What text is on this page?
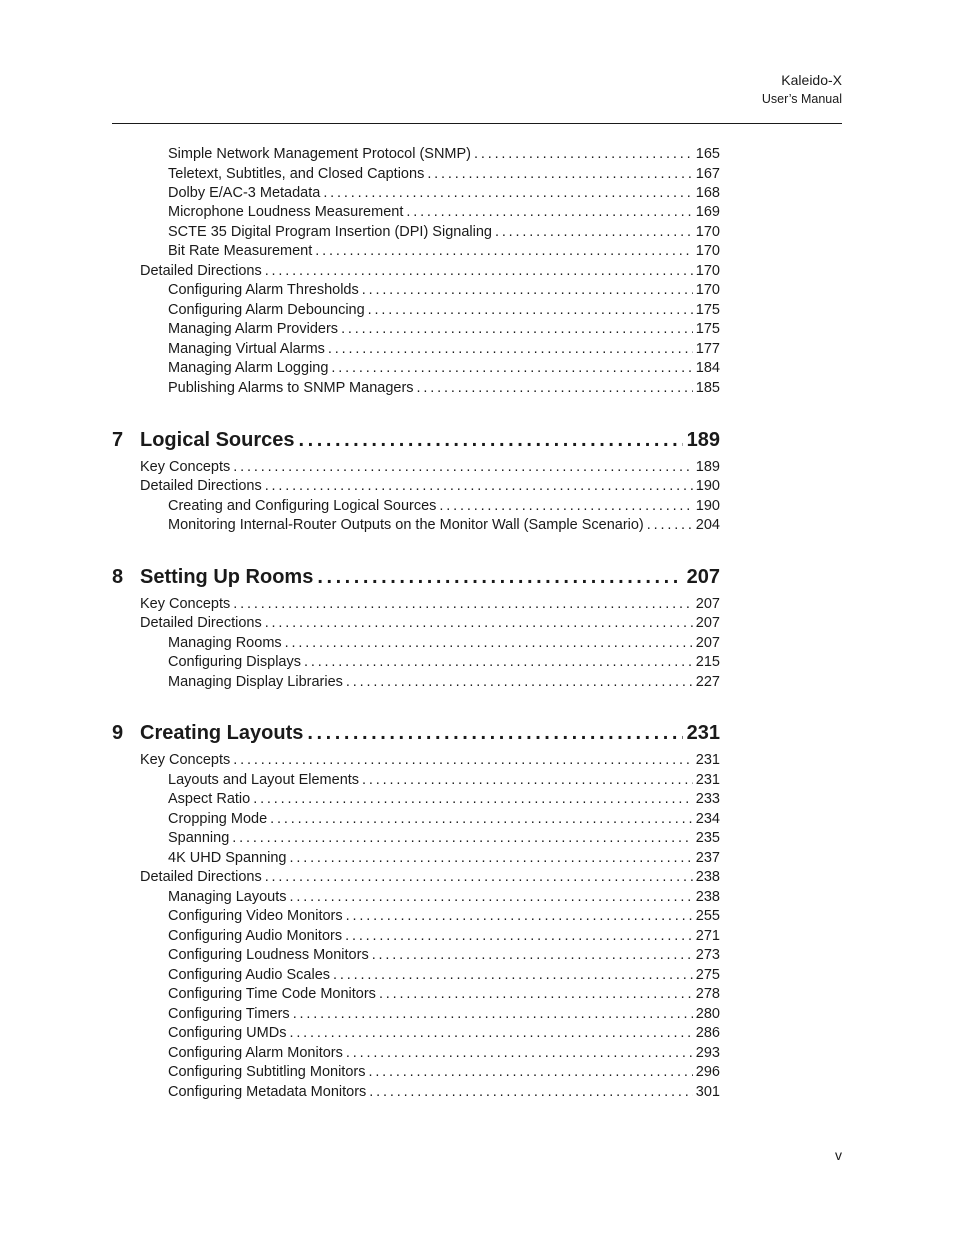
Kaleido-X
User’s Manual
Simple Network Management Protocol (SNMP) . . .	165
Teletext, Subtitles, and Closed Captions . . .	167
Dolby E/AC-3 Metadata . . .	168
Microphone Loudness Measurement . . .	169
SCTE 35 Digital Program Insertion (DPI) Signaling . . .	170
Bit Rate Measurement . . .	170
Detailed Directions . . .	170
Configuring Alarm Thresholds . . .	170
Configuring Alarm Debouncing . . .	175
Managing Alarm Providers . . .	175
Managing Virtual Alarms . . .	177
Managing Alarm Logging . . .	184
Publishing Alarms to SNMP Managers . . .	185
7 Logical Sources . . .	189
Key Concepts . . .	189
Detailed Directions . . .	190
Creating and Configuring Logical Sources . . .	190
Monitoring Internal-Router Outputs on the Monitor Wall (Sample Scenario) . . .	204
8 Setting Up Rooms . . .	207
Key Concepts . . .	207
Detailed Directions . . .	207
Managing Rooms . . .	207
Configuring Displays . . .	215
Managing Display Libraries . . .	227
9 Creating Layouts . . .	231
Key Concepts . . .	231
Layouts and Layout Elements . . .	231
Aspect Ratio . . .	233
Cropping Mode . . .	234
Spanning . . .	235
4K UHD Spanning . . .	237
Detailed Directions . . .	238
Managing Layouts . . .	238
Configuring Video Monitors . . .	255
Configuring Audio Monitors . . .	271
Configuring Loudness Monitors . . .	273
Configuring Audio Scales . . .	275
Configuring Time Code Monitors . . .	278
Configuring Timers . . .	280
Configuring UMDs . . .	286
Configuring Alarm Monitors . . .	293
Configuring Subtitling Monitors . . .	296
Configuring Metadata Monitors . . .	301
v
